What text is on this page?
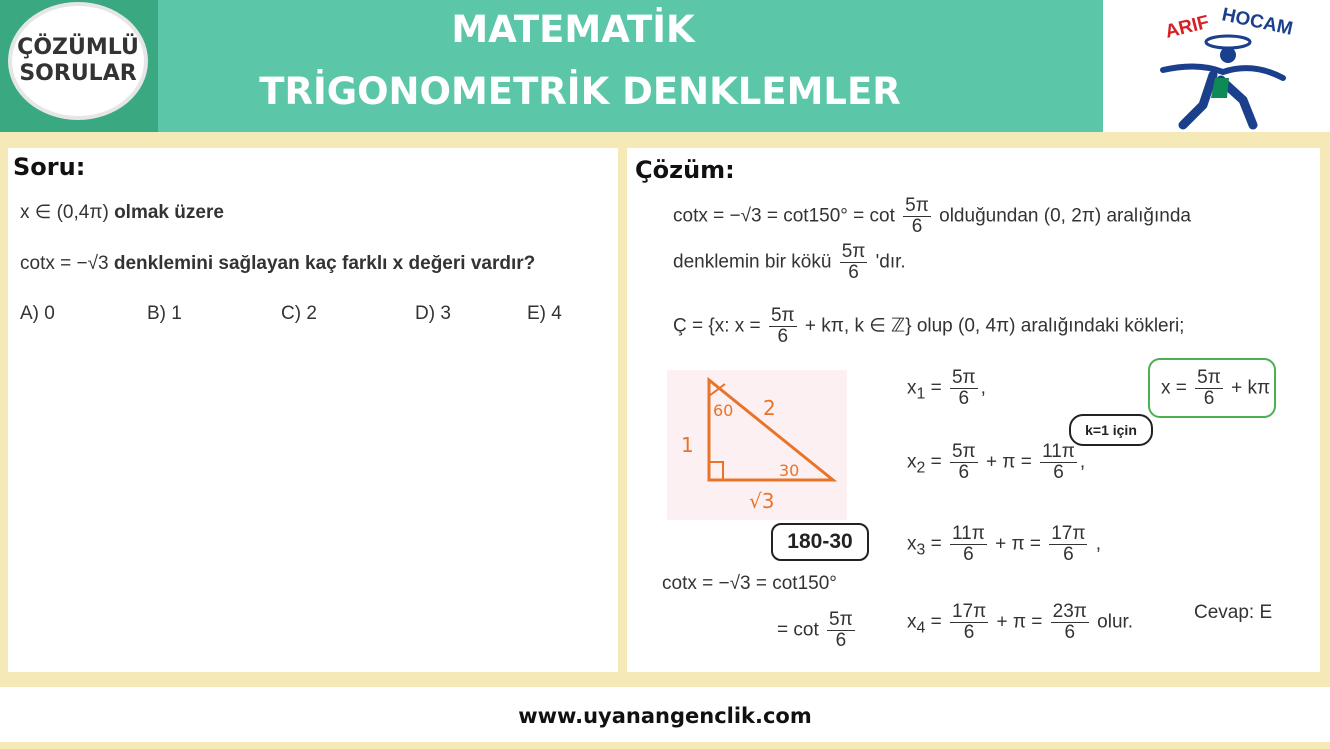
ÇÖZÜMLÜ
SORULAR
MATEMATİK
TRİGONOMETRİK DENKLEMLER
ARIF HOCAM
Soru:
x ∈ (0,4π) olmak üzere
cotx = −√3 denklemini sağlayan kaç farklı x değeri vardır?
A) 0	B) 1	C) 2	D) 3	E) 4
Çözüm:
$\cot x = -√3 = \cot 150^\circ = \cot \frac{5\pi}{6}$ olduğundan (0, 2π) aralığında
denklemin bir kökü $\frac{5\pi}{6}$ 'dır.
Ç = {x: $x = \frac{5\pi}{6} + k\pi$, k ∈ ℤ} olup (0, 4π) aralığındaki kökleri;
60
30
2
1
√3
$x_1 = \frac{5\pi}{6}$ ,	$x = \frac{5\pi}{6} + k\pi$
k=1 için
$x_2 = \frac{5\pi}{6} + \pi = \frac{11\pi}{6}$ ,
180-30	$x_3 = \frac{11\pi}{6} + \pi = \frac{17\pi}{6}$ ,
cotx = −√3 = cot150°
= $\cot \frac{5\pi}{6}$	$x_4 = \frac{17\pi}{6} + \pi = \frac{23\pi}{6}$ olur.	Cevap: E
www.uyanangenclik.com
